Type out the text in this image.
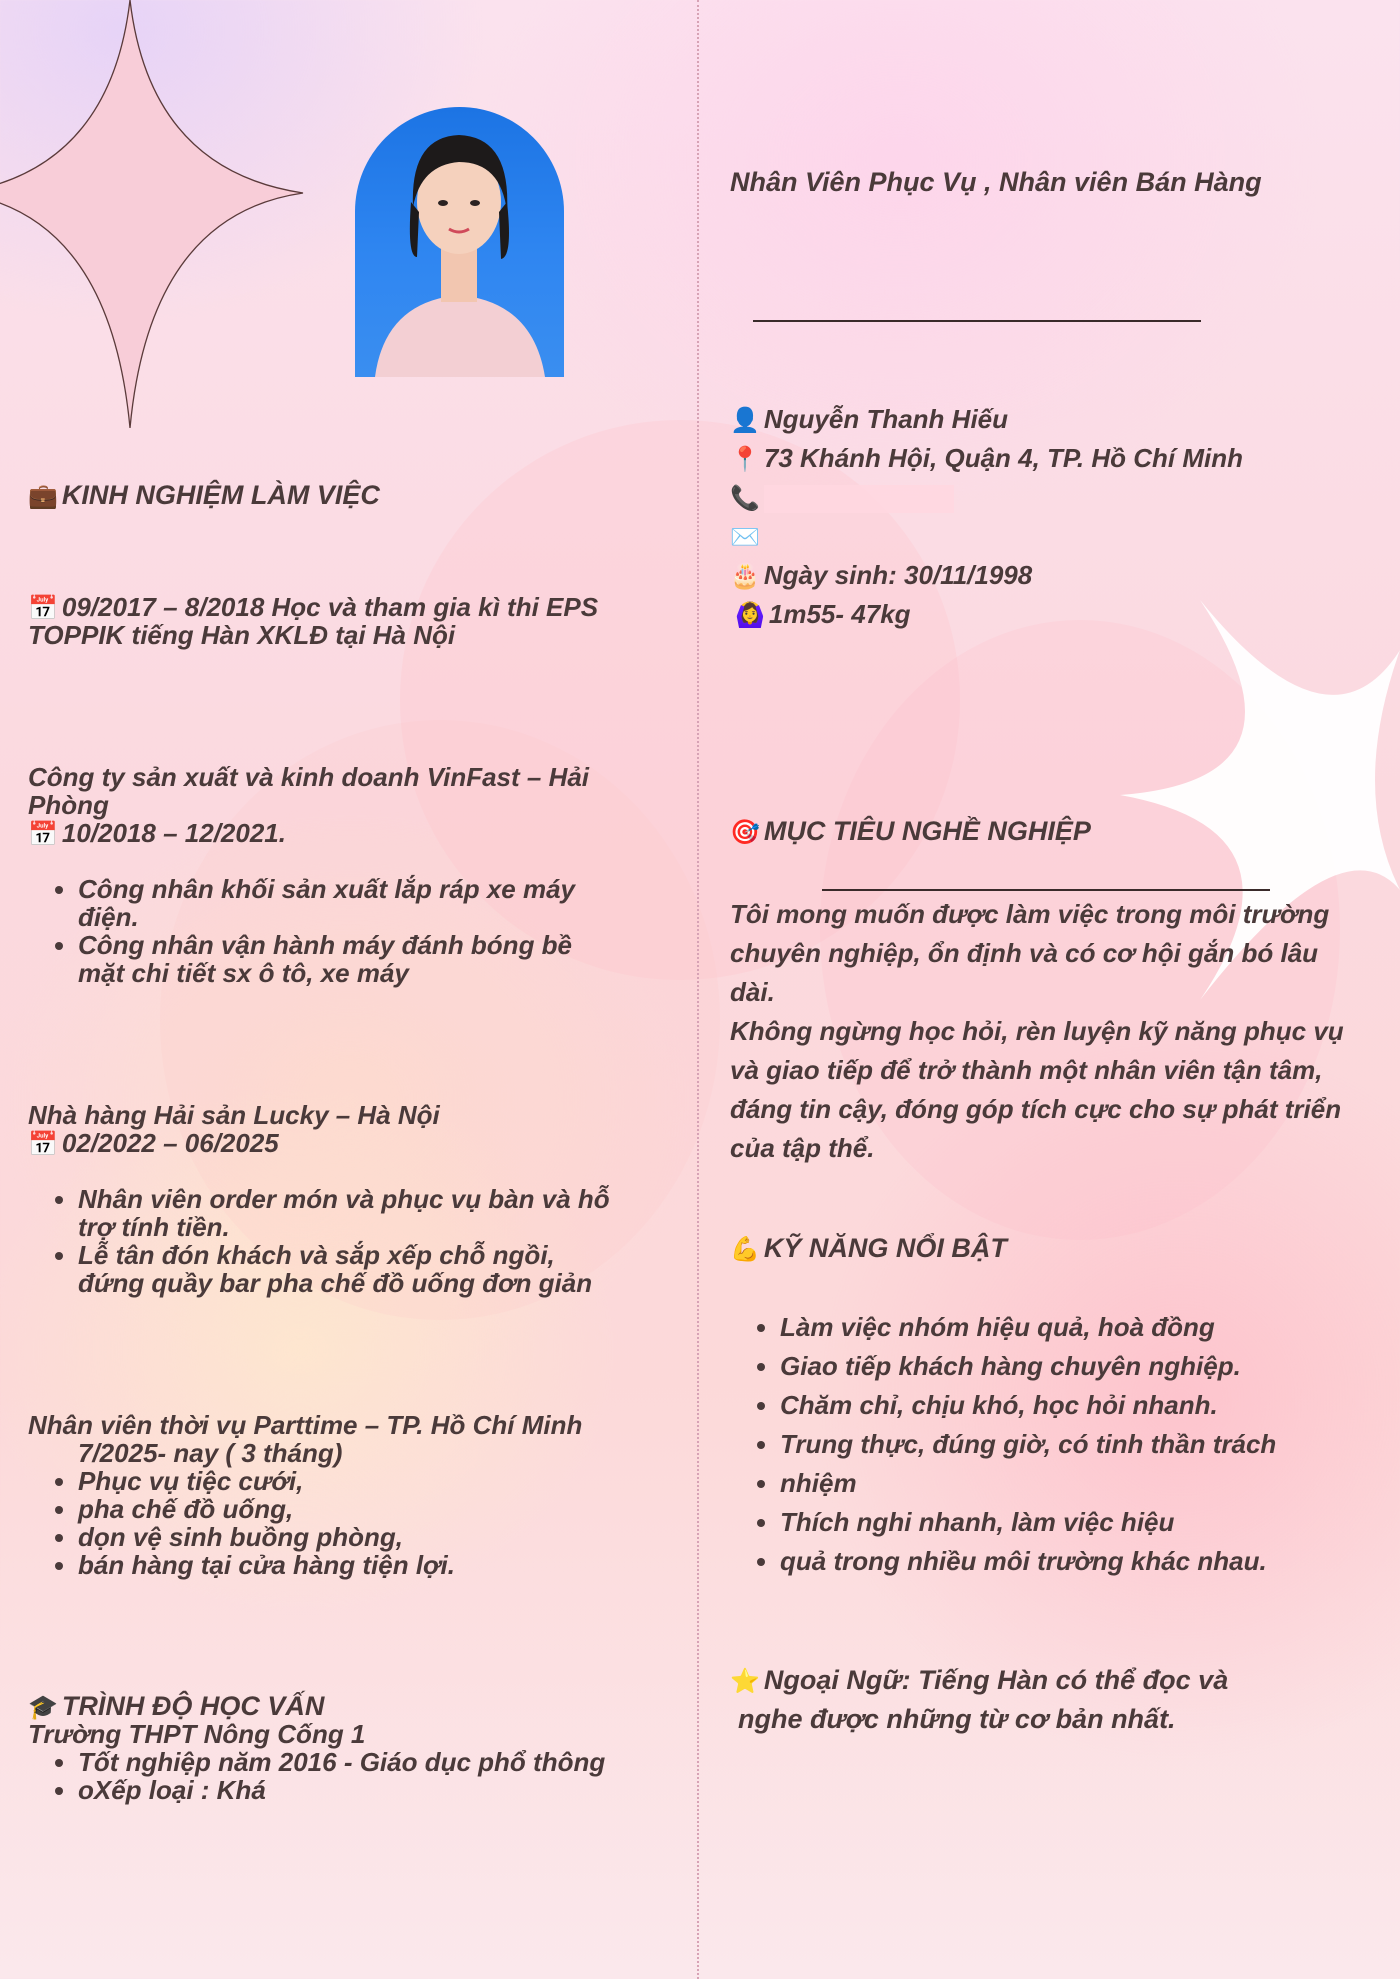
💼 KINH NGHIỆM LÀM VIỆC

📅 09/2017 – 8/2018 Học và tham gia kì thi EPS

TOPPIK tiếng Hàn XKLĐ tại Hà Nội

Công ty sản xuất và kinh doanh VinFast – Hải

Phòng

📅 10/2018 – 12/2021.

• Công nhân khối sản xuất lắp ráp xe máy
điện.
• Công nhân vận hành máy đánh bóng bề
mặt chi tiết sx ô tô, xe máy

Nhà hàng Hải sản Lucky – Hà Nội

📅 02/2022 – 06/2025

• Nhân viên order món và phục vụ bàn và hỗ
trợ tính tiền.
• Lễ tân đón khách và sắp xếp chỗ ngồi,
đứng quầy bar pha chế đồ uống đơn giản

Nhân viên thời vụ Parttime – TP. Hồ Chí Minh

7/2025- nay ( 3 tháng)

• Phục vụ tiệc cưới,
• pha chế đồ uống,
• dọn vệ sinh buồng phòng,
• bán hàng tại cửa hàng tiện lợi.

🎓 TRÌNH ĐỘ HỌC VẤN

Trường THPT Nông Cống 1

• Tốt nghiệp năm 2016 - Giáo dục phổ thông
• oXếp loại : Khá

Nhân Viên Phục Vụ , Nhân viên Bán Hàng

👤 Nguyễn Thanh Hiếu

📍 73 Khánh Hội, Quận 4, TP. Hồ Chí Minh

📞

✉️

🎂 Ngày sinh: 30/11/1998

🙆‍♀️ 1m55- 47kg

🎯 MỤC TIÊU NGHỀ NGHIỆP

Tôi mong muốn được làm việc trong môi trường

chuyên nghiệp, ổn định và có cơ hội gắn bó lâu

dài.

Không ngừng học hỏi, rèn luyện kỹ năng phục vụ

và giao tiếp để trở thành một nhân viên tận tâm,

đáng tin cậy, đóng góp tích cực cho sự phát triển

của tập thể.

💪 KỸ NĂNG NỔI BẬT

• Làm việc nhóm hiệu quả, hoà đồng
• Giao tiếp khách hàng chuyên nghiệp.
• Chăm chỉ, chịu khó, học hỏi nhanh.
• Trung thực, đúng giờ, có tinh thần trách
• nhiệm
• Thích nghi nhanh, làm việc hiệu
• quả trong nhiều môi trường khác nhau.

⭐ Ngoại Ngữ: Tiếng Hàn có thể đọc và

nghe được những từ cơ bản nhất.
